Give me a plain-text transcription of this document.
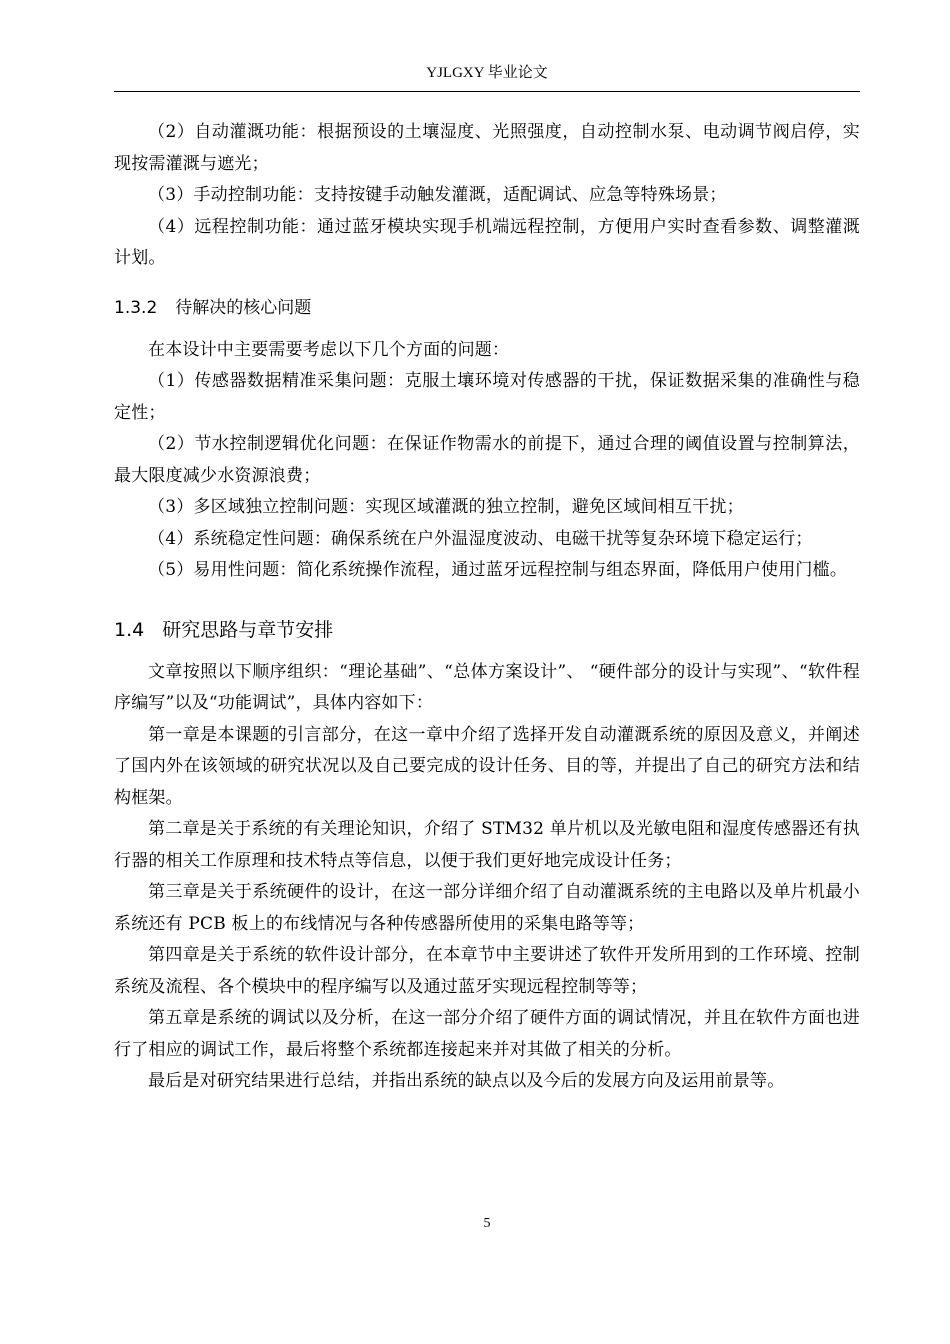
YJLGXY 毕业论文

（2）自动灌溉功能：根据预设的土壤湿度、光照强度，自动控制水泵、电动调节阀启停，实现按需灌溉与遮光；

（3）手动控制功能：支持按键手动触发灌溉，适配调试、应急等特殊场景；

（4）远程控制功能：通过蓝牙模块实现手机端远程控制，方便用户实时查看参数、调整灌溉计划。

1.3.2 待解决的核心问题

在本设计中主要需要考虑以下几个方面的问题：

（1）传感器数据精准采集问题：克服土壤环境对传感器的干扰，保证数据采集的准确性与稳定性；

（2）节水控制逻辑优化问题：在保证作物需水的前提下，通过合理的阈值设置与控制算法，最大限度减少水资源浪费；

（3）多区域独立控制问题：实现区域灌溉的独立控制，避免区域间相互干扰；

（4）系统稳定性问题：确保系统在户外温湿度波动、电磁干扰等复杂环境下稳定运行；

（5）易用性问题：简化系统操作流程，通过蓝牙远程控制与组态界面，降低用户使用门槛。

1.4 研究思路与章节安排

文章按照以下顺序组织：“理论基础”、“总体方案设计”、 “硬件部分的设计与实现”、“软件程序编写”以及“功能调试”，具体内容如下：

第一章是本课题的引言部分，在这一章中介绍了选择开发自动灌溉系统的原因及意义，并阐述了国内外在该领域的研究状况以及自己要完成的设计任务、目的等，并提出了自己的研究方法和结构框架。

第二章是关于系统的有关理论知识，介绍了 STM32 单片机以及光敏电阻和湿度传感器还有执行器的相关工作原理和技术特点等信息，以便于我们更好地完成设计任务；

第三章是关于系统硬件的设计，在这一部分详细介绍了自动灌溉系统的主电路以及单片机最小系统还有 PCB 板上的布线情况与各种传感器所使用的采集电路等等；

第四章是关于系统的软件设计部分，在本章节中主要讲述了软件开发所用到的工作环境、控制系统及流程、各个模块中的程序编写以及通过蓝牙实现远程控制等等；

第五章是系统的调试以及分析，在这一部分介绍了硬件方面的调试情况，并且在软件方面也进行了相应的调试工作，最后将整个系统都连接起来并对其做了相关的分析。

最后是对研究结果进行总结，并指出系统的缺点以及今后的发展方向及运用前景等。

5
